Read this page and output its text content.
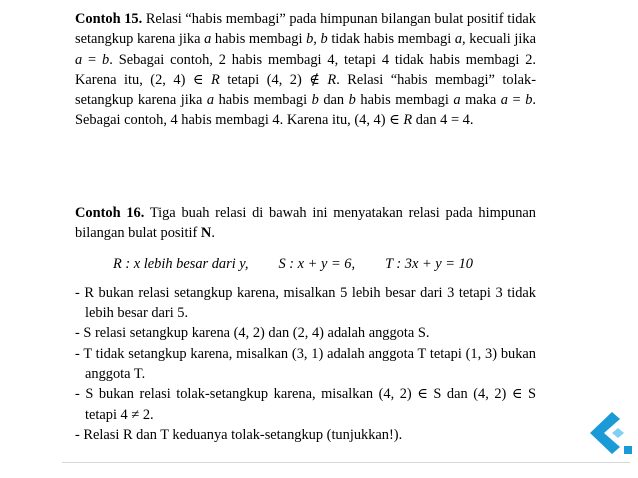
Contoh 15. Relasi “habis membagi” pada himpunan bilangan bulat positif tidak setangkup karena jika a habis membagi b, b tidak habis membagi a, kecuali jika a = b. Sebagai contoh, 2 habis membagi 4, tetapi 4 tidak habis membagi 2. Karena itu, (2, 4) ∈ R tetapi (4, 2) ∉ R. Relasi “habis membagi” tolak-setangkup karena jika a habis membagi b dan b habis membagi a maka a = b. Sebagai contoh, 4 habis membagi 4. Karena itu, (4, 4) ∈ R dan 4 = 4.
Contoh 16. Tiga buah relasi di bawah ini menyatakan relasi pada himpunan bilangan bulat positif N.
R : x lebih besar dari y, S : x + y = 6, T : 3x + y = 10
- R bukan relasi setangkup karena, misalkan 5 lebih besar dari 3 tetapi 3 tidak lebih besar dari 5.
- S relasi setangkup karena (4, 2) dan (2, 4) adalah anggota S.
- T tidak setangkup karena, misalkan (3, 1) adalah anggota T tetapi (1, 3) bukan anggota T.
- S bukan relasi tolak-setangkup karena, misalkan (4, 2) ∈ S dan (4, 2) ∈ S tetapi 4 ≠ 2.
- Relasi R dan T keduanya tolak-setangkup (tunjukkan!).
